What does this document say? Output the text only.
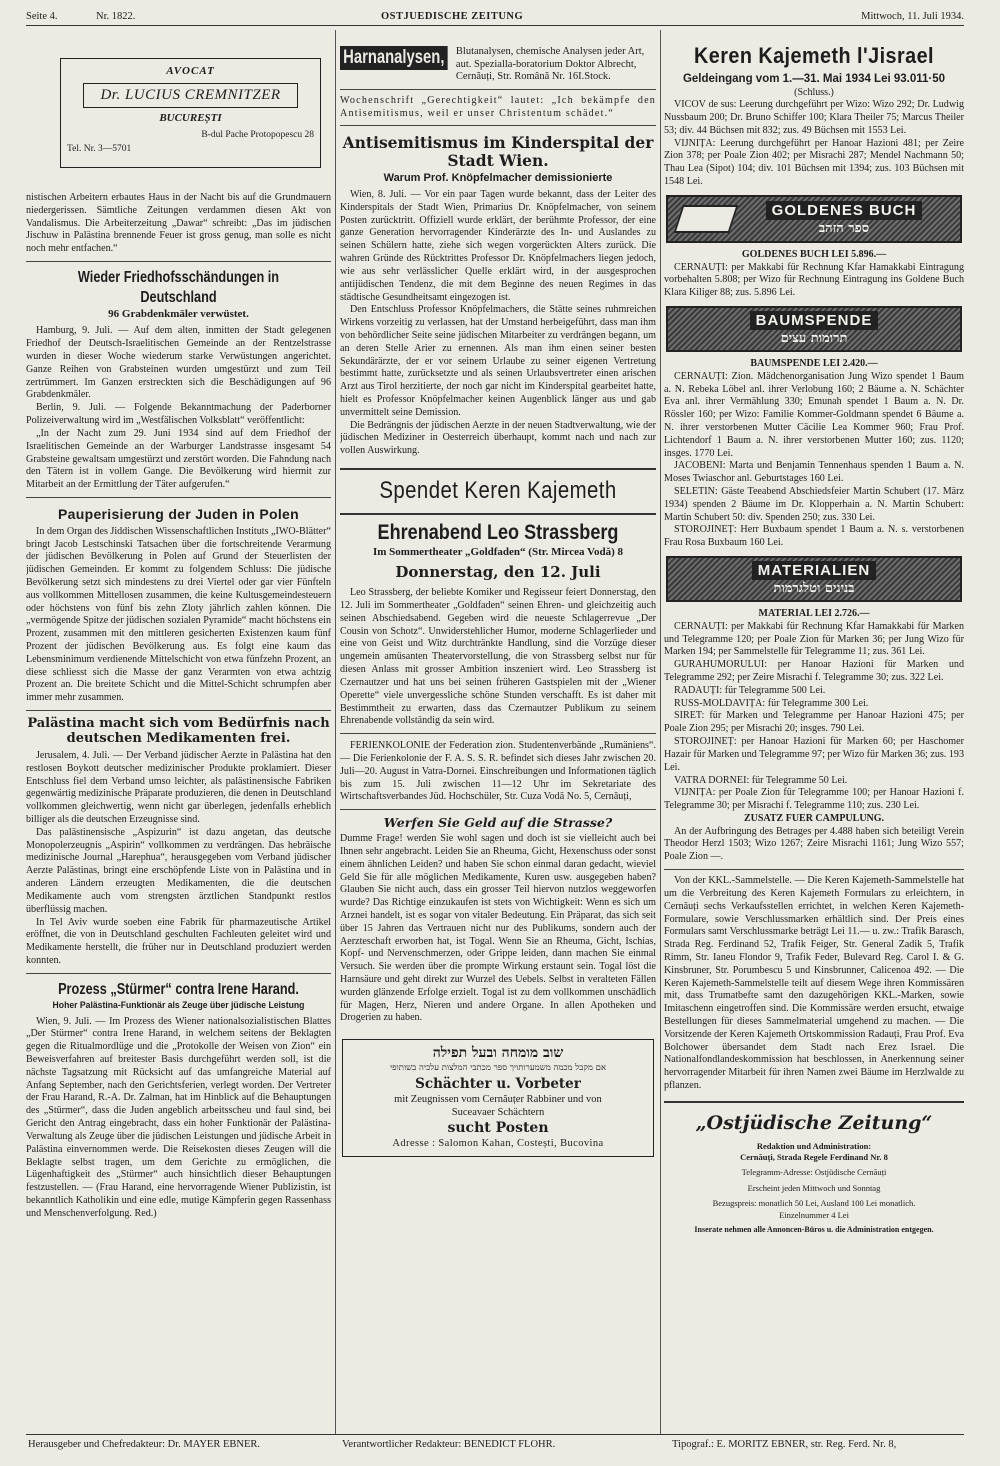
Seite 4.	Nr. 1822.	OSTJUEDISCHE ZEITUNG	Mittwoch, 11. Juli 1934.
AVOCAT
Dr. LUCIUS CREMNITZER
BUCUREȘTI
B-dul Pache Protopopescu 28
Tel. Nr. 3—5701

nistischen Arbeitern erbautes Haus in der Nacht bis auf die Grundmauern niedergerissen. Sämtliche Zeitungen verdammen diesen Akt von Vandalismus. Die Arbeiterzeitung „Dawar“ schreibt: „Das im jüdischen Jischuw in Palästina brennende Feuer ist gross genug, man solle es nicht noch mehr entfachen.“

Wieder Friedhofsschändungen in Deutschland
96 Grabdenkmäler verwüstet.

Hamburg, 9. Juli. — Auf dem alten, inmitten der Stadt gelegenen Friedhof der Deutsch-Israelitischen Gemeinde an der Rentzelstrasse wurden in dieser Woche wiederum starke Verwüstungen angerichtet. Ganze Reihen von Grabsteinen wurden umgestürzt und zum Teil zertrümmert. Im Ganzen erstreckten sich die Beschädigungen auf 96 Grabdenkmäler.

Berlin, 9. Juli. — Folgende Bekanntmachung der Paderborner Polizeiverwaltung wird im „Westfälischen Volksblatt“ veröffentlicht:

„In der Nacht zum 29. Juni 1934 sind auf dem Friedhof der Israelitischen Gemeinde an der Warburger Landstrasse insgesamt 54 Grabsteine gewaltsam umgestürzt und zerstört worden. Die Fahndung nach den Tätern ist in vollem Gange. Die Bevölkerung wird hiermit zur Mitarbeit an der Ermittlung der Täter aufgerufen.“

Pauperisierung der Juden in Polen

In dem Organ des Jiddischen Wissenschaftlichen Instituts „IWO-Blätter“ bringt Jacob Lestschinski Tatsachen über die fortschreitende Verarmung der jüdischen Bevölkerung in Polen auf Grund der Steuerlisten der jüdischen Gemeinden. Er kommt zu folgendem Schluss: Die jüdische Bevölkerung setzt sich mindestens zu drei Viertel oder gar vier Fünfteln aus vollkommen Mittellosen zusammen, die keine Kultusgemeindesteuern oder höchstens von fünf bis zehn Zloty jährlich zahlen können. Die „vermögende Spitze der jüdischen sozialen Pyramide“ macht höchstens ein Prozent, zusammen mit den mittleren gesicherten Existenzen kaum fünf Prozent der jüdischen Bevölkerung aus. Es folgt eine kaum das Lebensminimum verdienende Mittelschicht von etwa fünfzehn Prozent, an diese schliesst sich die Masse der ganz Verarmten von etwa achtzig Prozent an. Die breitete Schicht und die Mittel-Schicht schrumpfen aber immer mehr zusammen.

Palästina macht sich vom Bedürfnis nach deutschen Medikamenten frei.

Jerusalem, 4. Juli. — Der Verband jüdischer Aerzte in Palästina hat den restlosen Boykott deutscher medizinischer Produkte proklamiert. Dieser Entschluss fiel dem Verband umso leichter, als palästinensische Fabriken gegenwärtig medizinische Präparate produzieren, die denen in Deutschland vollkommen gleichwertig, wenn nicht gar überlegen, jedenfalls erheblich billiger als die deutschen Erzeugnisse sind.

Das palästinensische „Aspizurin“ ist dazu angetan, das deutsche Monopolerzeugnis „Aspirin“ vollkommen zu verdrängen. Das hebräische medizinische Journal „Harephua“, herausgegeben vom Verband jüdischer Aerzte Palästinas, bringt eine erschöpfende Liste von in Palästina und in anderen Ländern erzeugten Medikamenten, die die deutschen Medikamente auch vom strengsten ärztlichen Standpunkt restlos überflüssig machen.

In Tel Aviv wurde soeben eine Fabrik für pharmazeutische Artikel eröffnet, die von in Deutschland geschulten Fachleuten geleitet wird und Medikamente herstellt, die früher nur in Deutschland produziert werden konnten.

Prozess „Stürmer“ contra Irene Harand.
Hoher Palästina-Funktionär als Zeuge über jüdische Leistung

Wien, 9. Juli. — Im Prozess des Wiener nationalsozialistischen Blattes „Der Stürmer“ contra Irene Harand, in welchem seitens der Beklagten gegen die Ritualmordlüge und die „Protokolle der Weisen von Zion“ ein Beweisverfahren auf breitester Basis durchgeführt werden soll, ist die nächste Tagsatzung mit Rücksicht auf das umfangreiche Material auf Anfang September, nach den Gerichtsferien, verlegt worden. Der Vertreter der Frau Harand, R.-A. Dr. Zalman, hat im Hinblick auf die Behauptungen des „Stürmer“, dass die Juden angeblich arbeitsscheu und faul sind, bei Gericht den Antrag eingebracht, dass ein hoher Funktionär der Palästina-Verwaltung als Zeuge über die jüdischen Leistungen und jüdische Arbeit in Palästina einvernommen werde. Die Reisekosten dieses Zeugen will die Beklagte selbst tragen, um dem Gerichte zu ermöglichen, die Lügenhaftigkeit des „Stürmer“ auch hinsichtlich dieser Behauptungen festzustellen. — (Frau Harand, eine hervorragende Wiener Publizistin, ist bekanntlich Katholikin und eine edle, mutige Kämpferin gegen Rassenhass und Menschenverfolgung. Red.)

Harnanalysen, Blutanalysen, chemische Analysen jeder Art, aut. Spezialla-boratorium Doktor Albrecht, Cernăuți, Str. Română Nr. 16I.Stock.

Wochenschrift „Gerechtigkeit“ lautet: „Ich bekämpfe den Antisemitismus, weil er unser Christentum schädet.“

Antisemitismus im Kinderspital der Stadt Wien.
Warum Prof. Knöpfelmacher demissionierte

Wien, 8. Juli. — Vor ein paar Tagen wurde bekannt, dass der Leiter des Kinderspitals der Stadt Wien, Primarius Dr. Knöpfelmacher, von seinem Posten zurücktritt. Offiziell wurde erklärt, der berühmte Professor, der eine ganze Generation hervorragender Kinderärzte des In- und Auslandes zu seinen Schülern hatte, ziehe sich wegen vorgerückten Alters zurück. Die wahren Gründe des Rücktrittes Professor Dr. Knöpfelmachers liegen jedoch, wie aus sehr verlässlicher Quelle erklärt wird, in der ausgesprochen antijüdischen Tendenz, die mit dem Beginne des neuen Regimes in das städtische Gesundheitsamt eingezogen ist.

Den Entschluss Professor Knöpfelmachers, die Stätte seines ruhmreichen Wirkens vorzeitig zu verlassen, hat der Umstand herbeigeführt, dass man ihm von behördlicher Seite seine jüdischen Mitarbeiter zu verdrängen begann, um an deren Stelle Arier zu ernennen. Als man ihm einen seiner besten Sekundärärzte, der er vor seinem Urlaube zu seiner eigenen Vertretung bestimmt hatte, zurücksetzte und als seinen Urlaubsvertreter einen arischen Arzt aus Tirol herzitierte, der noch gar nicht im Kinderspital gearbeitet hatte, hielt es Professor Knöpfelmacher keinen Augenblick länger aus und gab unvermittelt seine Demission.

Die Bedrängnis der jüdischen Aerzte in der neuen Stadtverwaltung, wie der jüdischen Mediziner in Oesterreich überhaupt, kommt nach und nach zur vollen Auswirkung.

Spendet Keren Kajemeth
Ehrenabend Leo Strassberg
Im Sommertheater „Goldfaden“ (Str. Mircea Vodă) 8
Donnerstag, den 12. Juli

Leo Strassberg, der beliebte Komiker und Regisseur feiert Donnerstag, den 12. Juli im Sommertheater „Goldfaden“ seinen Ehren- und gleichzeitig auch seinen Abschiedsabend. Gegeben wird die neueste Schlagerrevue „Der Cousin von Schotz“. Unwiderstehlicher Humor, moderne Schlagerlieder und eine von Geist und Witz durchtränkte Handlung, sind die Vorzüge dieser ungemein amüsanten Theatervorstellung, die von Strassberg selbst nur für diesen Anlass mit grosser Ambition inszeniert wird. Leo Strassberg ist Czernautzer und hat uns bei seinen früheren Gastspielen mit der „Wiener Operette“ viele unvergessliche schöne Stunden verschafft. Es ist daher mit Bestimmtheit zu erwarten, dass das Czernautzer Publikum zu seinem Ehrenabende vollständig da sein wird.

FERIENKOLONIE der Federation zion. Studentenverbände „Rumäniens“. — Die Ferienkolonie der F. A. S. S. R. befindet sich dieses Jahr zwischen 20. Juli—20. August in Vatra-Dornei. Einschreibungen und Informationen täglich bis zum 15. Juli zwischen 11—12 Uhr im Sekretariate des Wirtschaftsverbandes Jüd. Hochschüler, Str. Cuza Vodă No. 5, Cernăuți,

Werfen Sie Geld auf die Strasse?

Dumme Frage! werden Sie wohl sagen und doch ist sie vielleicht auch bei Ihnen sehr angebracht. Leiden Sie an Rheuma, Gicht, Hexenschuss oder sonst einem ähnlichen Leiden? und haben Sie schon einmal daran gedacht, wieviel Geld Sie für alle möglichen Medikamente, Kuren usw. ausgegeben haben? Glauben Sie nicht auch, dass ein grosser Teil hiervon nutzlos weggeworfen wurde? Das Richtige einzukaufen ist stets von Wichtigkeit: Wenn es sich um Arznei handelt, ist es sogar von vitaler Bedeutung. Ein Präparat, das sich seit über 15 Jahren das Vertrauen nicht nur des Publikums, sondern auch der Aerzteschaft erworben hat, ist Togal. Wenn Sie an Rheuma, Gicht, Ischias, Kopf- und Nervenschmerzen, oder Grippe leiden, dann machen Sie einmal Versuch. Sie werden über die prompte Wirkung erstaunt sein. Togal löst die Harnsäure und geht direkt zur Wurzel des Uebels. Selbst in veralteten Fällen wurden glänzende Erfolge erzielt. Togal ist zu dem vollkommen unschädlich für Magen, Herz, Nieren und andere Organe. In allen Apotheken und Drogerien zu haben.

שוב מומחה ובעל תפילה
אם מקבל מכמה משמערותויך ספר מכתבי המלצות עלכיה בשותופי
Schächter u. Vorbeter
mit Zeugnissen vom Cernăuțer Rabbiner und von
Suceavaer Schächtern
sucht Posten
Adresse : Salomon Kahan, Costești, Bucovina
Keren Kajemeth l'Jisrael
Geldeingang vom 1.—31. Mai 1934 Lei 93.011·50
(Schluss.)

VICOV de sus: Leerung durchgeführt per Wizo: Wizo 292; Dr. Ludwig Nussbaum 200; Dr. Bruno Schiffer 100; Klara Theiler 75; Marcus Theiler 53; div. 44 Büchsen mit 832; zus. 49 Büchsen mit 1553 Lei.

VIJNIȚA: Leerung durchgeführt per Hanoar Hazioni 481; per Zeire Zion 378; per Poale Zion 402; per Misrachi 287; Mendel Nachmann 50; Thau Lea (Sipot) 104; div. 101 Büchsen mit 1394; zus. 103 Büchsen mit 1548 Lei.

GOLDENES BUCH
ספר הזהב
GOLDENES BUCH LEI 5.896.—

CERNAUȚI: per Makkabi für Rechnung Kfar Hamakkabi Eintragung vorbehalten 5.808; per Wizo für Rechnung Eintragung ins Goldene Buch Klara Kiliger 88; zus. 5.896 Lei.

BAUMSPENDE
תרומות עצים
BAUMSPENDE LEI 2.420.—

CERNAUȚI: Zion. Mädchenorganisation Jung Wizo spendet 1 Baum a. N. Rebeka Löbel anl. ihrer Verlobung 160; 2 Bäume a. N. Schächter Eva anl. ihrer Vermählung 330; Emunah spendet 1 Baum a. N. Dr. Rössler 160; per Wizo: Familie Kommer-Goldmann spendet 6 Bäume a. N. ihrer verstorbenen Mutter Cäcilie Lea Kommer 960; Frau Prof. Lichtendorf 1 Baum a. N. ihrer verstorbenen Mutter 160; zus. 1120; insges. 1770 Lei.

JACOBENI: Marta und Benjamin Tennenhaus spenden 1 Baum a. N. Moses Twiaschor anl. Geburtstages 160 Lei.

SELETIN: Gäste Teeabend Abschiedsfeier Martin Schubert (17. März 1934) spenden 2 Bäume im Dr. Klopperhain a. N. Martin Schubert: Martin Schubert 50: div. Spenden 250; zus. 330 Lei.

STOROJINEȚ: Herr Buxbaum spendet 1 Baum a. N. s. verstorbenen Frau Rosa Buxbaum 160 Lei.

MATERIALIEN
בנינים וטלגרמות
MATERIAL LEI 2.726.—

CERNAUȚI: per Makkabi für Rechnung Kfar Hamakkabi für Marken und Telegramme 120; per Poale Zion für Marken 36; per Jung Wizo für Marken 194; per Sammelstelle für Telegramme 11; zus. 361 Lei.

GURAHUMORULUI: per Hanoar Hazioni für Marken und Telegramme 292; per Zeire Misrachi f. Telegramme 30; zus. 322 Lei.

RADAUȚI: für Telegramme 500 Lei.

RUSS-MOLDAVIȚA: für Telegramme 300 Lei.

SIRET: für Marken und Telegramme per Hanoar Hazioni 475; per Poale Zion 295; per Misrachi 20; insges. 790 Lei.

STOROJINEȚ: per Hanoar Hazioni für Marken 60; per Haschomer Hazair für Marken und Telegramme 97; per Wizo für Marken 36; zus. 193 Lei.

VATRA DORNEI: für Telegramme 50 Lei.

VIJNIȚA: per Poale Zion für Telegramme 100; per Hanoar Hazioni f. Telegramme 30; per Misrachi f. Telegramme 110; zus. 230 Lei.

ZUSATZ FUER CAMPULUNG.

An der Aufbringung des Betrages per 4.488 haben sich beteiligt Verein Theodor Herzl 1503; Wizo 1267; Zeire Misrachi 1161; Jung Wizo 557; Poale Zion —.

Von der KKL.-Sammelstelle. — Die Keren Kajemeth-Sammelstelle hat um die Verbreitung des Keren Kajemeth Formulars zu erleichtern, in Cernăuți sechs Verkaufsstellen errichtet, in welchen Keren Kajemeth-Formulare, sowie Verschlussmarken erhältlich sind. Der Preis eines Formulars samt Verschlussmarke beträgt Lei 11.— u. zw.: Trafik Barasch, Strada Reg. Ferdinand 52, Trafik Feiger, Str. General Zadik 5, Trafik Rimm, Str. Ianeu Flondor 9, Trafik Feder, Bulevard Reg. Carol I. & G. Kinsbruner, Str. Porumbescu 5 und Kinsbrunner, Calicenoa 492. — Die Keren Kajemeth-Sammelstelle teilt auf diesem Wege ihren Kommissären mit, dass Trumatbefte samt den dazugehörigen KKL.-Marken, sowie Imitaschenn eingetroffen sind. Die Kommissäre werden ersucht, etwaige Bestellungen für dieses Sammelmaterial umgehend zu machen. — Die Vorsitzende der Keren Kajemeth Ortskommission Radauți, Frau Prof. Eva Bolchower übersandet dem Stadt nach Erez Israel. Die Nationalfondlandeskommission hat beschlossen, in Anerkennung seiner hervorragender Mitarbeit für ihren Namen zwei Bäume im Herzlwalde zu pflanzen.

„Ostjüdische Zeitung“
Redaktion und Administration:
Cernăuți, Strada Regele Ferdinand Nr. 8
Telegramm-Adresse: Ostjüdische Cernăuți
Erscheint jeden Mittwoch und Sonntag
Bezugspreis: monatlich 50 Lei, Ausland 100 Lei monatlich. Einzelnummer 4 Lei
Inserate nehmen alle Annoncen-Büros u. die Administration entgegen.
Herausgeber und Chefredakteur: Dr. MAYER EBNER.	Verantwortlicher Redakteur: BENEDICT FLOHR.	Tipograf.: E. MORITZ EBNER, str. Reg. Ferd. Nr. 8,
